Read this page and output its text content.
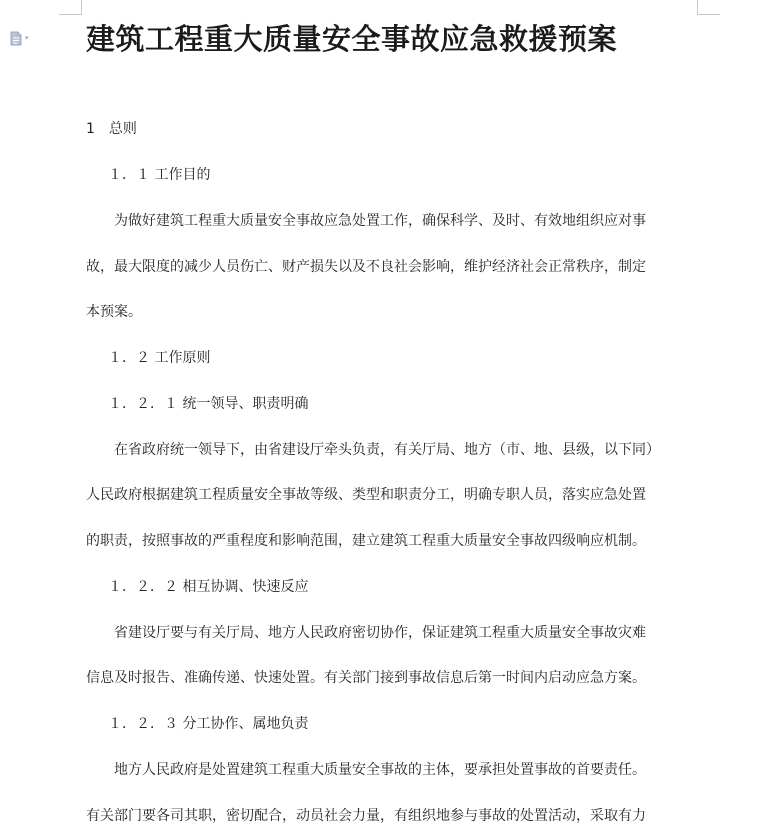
▾ 建筑工程重大质量安全事故应急救援预案

1　总则

１．１ 工作目的

　　为做好建筑工程重大质量安全事故应急处置工作，确保科学、及时、有效地组织应对事

故，最大限度的减少人员伤亡、财产损失以及不良社会影响，维护经济社会正常秩序，制定

本预案。

１．２ 工作原则

１．２．１ 统一领导、职责明确

　　在省政府统一领导下，由省建设厅牵头负责，有关厅局、地方（市、地、县级，以下同）

人民政府根据建筑工程质量安全事故等级、类型和职责分工，明确专职人员，落实应急处置

的职责，按照事故的严重程度和影响范围，建立建筑工程重大质量安全事故四级响应机制。

１．２．２ 相互协调、快速反应

　　省建设厅要与有关厅局、地方人民政府密切协作，保证建筑工程重大质量安全事故灾难

信息及时报告、准确传递、快速处置。有关部门接到事故信息后第一时间内启动应急方案。

１．２．３ 分工协作、属地负责

　　地方人民政府是处置建筑工程重大质量安全事故的主体，要承担处置事故的首要责任。

有关部门要各司其职，密切配合，动员社会力量，有组织地参与事故的处置活动，采取有力
